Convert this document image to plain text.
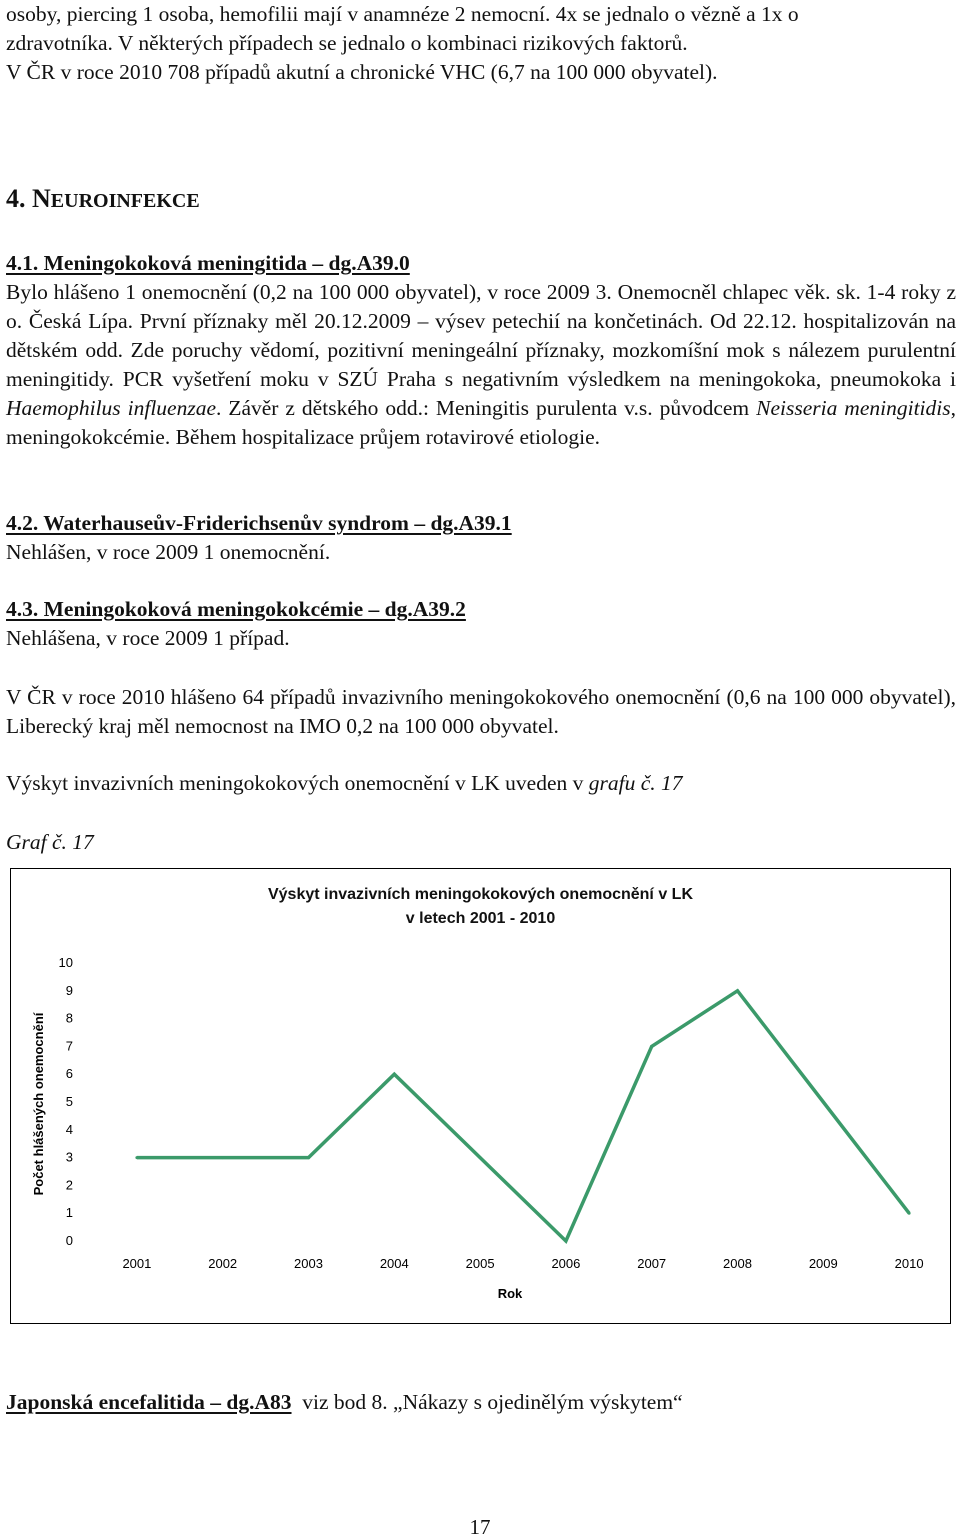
osoby, piercing 1 osoba, hemofilii mají v anamnéze 2 nemocní. 4x se jednalo o vězně a 1x o

zdravotníka. V některých případech se jednalo o kombinaci rizikových faktorů.

V ČR v roce 2010 708 případů akutní a chronické VHC (6,7 na 100 000 obyvatel).

4. NEUROINFEKCE
4.1. Meningokoková meningitida – dg.A39.0

Bylo hlášeno 1 onemocnění (0,2 na 100 000 obyvatel), v roce 2009 3. Onemocněl chlapec věk. sk. 1-4 roky z o. Česká Lípa. První příznaky měl 20.12.2009 – výsev petechií na končetinách. Od 22.12. hospitalizován na dětském odd. Zde poruchy vědomí, pozitivní meningeální příznaky, mozkomíšní mok s nálezem purulentní meningitidy. PCR vyšetření moku v SZÚ Praha s negativním výsledkem na meningokoka, pneumokoka i Haemophilus influenzae. Závěr z dětského odd.: Meningitis purulenta v.s. původcem Neisseria meningitidis, meningokokcémie. Během hospitalizace průjem rotavirové etiologie.

4.2. Waterhauseův-Friderichsenův syndrom – dg.A39.1

Nehlášen, v roce 2009 1 onemocnění.

4.3. Meningokoková meningokokcémie – dg.A39.2

Nehlášena, v roce 2009 1 případ.

V ČR v roce 2010 hlášeno 64 případů invazivního meningokokového onemocnění (0,6 na 100 000 obyvatel), Liberecký kraj měl nemocnost na IMO 0,2 na 100 000 obyvatel.

Výskyt invazivních meningokokových onemocnění v LK uveden v grafu č. 17

Graf č. 17

Výskyt invazivních meningokokových onemocnění v LK
v letech 2001 - 2010
Počet hlášených onemocnění
Rok
0
1
2
3
4
5
6
7
8
9
10
2001	2002	2003	2004	2005	2006	2007	2008	2009	2010

Japonská encefalitida – dg.A83  viz bod 8. „Nákazy s ojedinělým výskytem“

17
